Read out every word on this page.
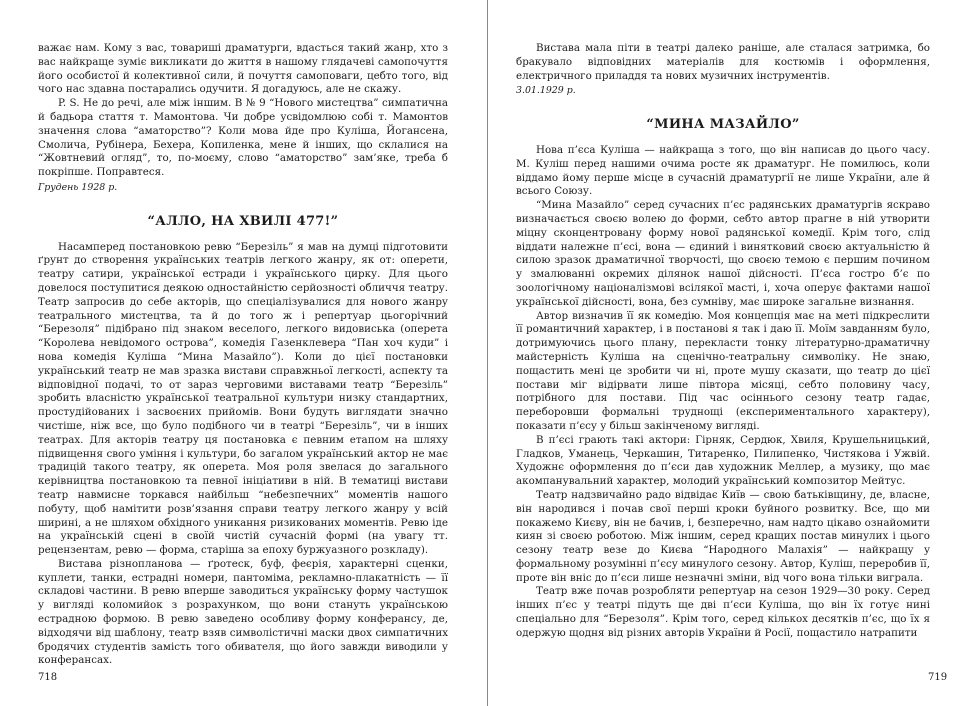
важає нам. Кому з вас, товариші драматурги, вдасться такий жанр, хто з вас найкраще зуміє викликати до життя в нашому глядачеві самопочуття його особистої й колективної сили, й почуття самоповаги, цебто того, від чого нас здавна постарались одучити. Я догадуюсь, але не скажу.

P. S. Не до речі, але між іншим. В № 9 “Нового мистецтва” симпатична й бадьора стаття т. Мамонтова. Чи добре усвідомлюю собі т. Мамонтов значення слова “аматорство”? Коли мова йде про Куліша, Йогансена, Смолича, Рубінера, Бехера, Копиленка, мене й інших, що склалися на “Жовтневий огляд”, то, по-моєму, слово “аматорство” зам’яке, треба б покріпше. Поправтеся.

Грудень 1928 р.

“АЛЛО, НА ХВИЛІ 477!”

Насамперед постановкою ревю “Березіль” я мав на думці підготовити ґрунт до створення українських театрів легкого жанру, як от: оперети, театру сатири, української естради і українського цирку. Для цього довелося поступитися деякою одностайністю серйозності обличчя театру. Театр запросив до себе акторів, що спеціалізувалися для нового жанру театрального мистецтва, та й до того ж і репертуар цьогорічний “Березоля” підібрано під знаком веселого, легкого видовиська (оперета “Королева невідомого острова”, комедія Газенклевера “Пан хоч куди” і нова комедія Куліша “Мина Мазайло”). Коли до цієї постановки український театр не мав зразка вистави справжньої легкості, аспекту та відповідної подачі, то от зараз черговими виставами театр “Березіль” зробить власністю української театральної культури низку стандартних, простудійованих і засвоєних прийомів. Вони будуть виглядати значно чистіше, ніж все, що було подібного чи в театрі “Березіль”, чи в інших театрах. Для акторів театру ця постановка є певним етапом на шляху підвищення свого уміння і культури, бо загалом український актор не має традицій такого театру, як оперета. Моя роля звелася до загального керівництва постановкою та певної ініціативи в ній. В тематиці вистави театр навмисне торкався найбільш “небезпечних” моментів нашого побуту, щоб намітити розв’язання справи театру легкого жанру у всій ширині, а не шляхом обхідного уникання ризикованих моментів. Ревю іде на українській сцені в своїй чистій сучасній формі (на увагу тт. рецензентам, ревю — форма, старіша за епоху буржуазного розкладу).

Вистава різнопланова — ґротеск, буф, феєрія, характерні сценки, куплети, танки, естрадні номери, пантоміма, рекламно-плакатність — її складові частини. В ревю вперше заводиться українську форму частушок у вигляді коломийок з розрахунком, що вони стануть українською естрадною формою. В ревю заведено особливу форму конферансу, де, відходячи від шаблону, театр взяв символістичні маски двох симпатичних бродячих студентів замість того обивателя, що його завжди виводили у конферансах.

718

Вистава мала піти в театрі далеко раніше, але сталася затримка, бо бракувало відповідних матеріалів для костюмів і оформлення, електричного приладдя та нових музичних інструментів.

3.01.1929 р.

“МИНА МАЗАЙЛО”

Нова п’єса Куліша — найкраща з того, що він написав до цього часу. М. Куліш перед нашими очима росте як драматург. Не помилюсь, коли віддамо йому перше місце в сучасній драматургії не лише України, але й всього Союзу.

“Мина Мазайло” серед сучасних п’єс радянських драматургів яскраво визначається своєю волею до форми, себто автор прагне в ній утворити міцну сконцентровану форму нової радянської комедії. Крім того, слід віддати належне п’єсі, вона — єдиний і винятковий своєю актуальністю й силою зразок драматичної творчості, що своєю темою є першим почином у змалюванні окремих ділянок нашої дійсності. П’єса гостро б’є по зоологічному націоналізмові всілякої масті, і, хоча оперує фактами нашої української дійсності, вона, без сумніву, має широке загальне визнання.

Автор визначив її як комедію. Моя концепція має на меті підкреслити її романтичний характер, і в постанові я так і даю її. Моїм завданням було, дотримуючись цього плану, перекласти тонку літературно-драматичну майстерність Куліша на сценічно-театральну символіку. Не знаю, пощастить мені це зробити чи ні, проте мушу сказати, що театр до цієї постави міг відірвати лише півтора місяці, себто половину часу, потрібного для постави. Під час осіннього сезону театр гадає, переборовши формальні труднощі (експериментального характеру), показати п’єсу у більш закінченому вигляді.

В п’єсі грають такі актори: Гірняк, Сердюк, Хвиля, Крушельницький, Гладков, Уманець, Черкашин, Титаренко, Пилипенко, Чистякова і Ужвій. Художнє оформлення до п’єси дав художник Меллер, а музику, що має акомпанувальний характер, молодий український композитор Мейтус.

Театр надзвичайно радо відвідає Київ — свою батьківщину, де, власне, він народився і почав свої перші кроки буйного розвитку. Все, що ми покажемо Києву, він не бачив, і, безперечно, нам надто цікаво ознайомити киян зі своєю роботою. Між іншим, серед кращих постав минулих і цього сезону театр везе до Києва “Народного Малахія” — найкращу у формальному розумінні п’єсу минулого сезону. Автор, Куліш, переробив її, проте він вніс до п’єси лише незначні зміни, від чого вона тільки виграла.

Театр вже почав розробляти репертуар на сезон 1929—30 року. Серед інших п’єс у театрі підуть ще дві п’єси Куліша, що він їх готує нині спеціально для “Березоля”. Крім того, серед кількох десятків п’єс, що їх я одержую щодня від різних авторів України й Росії, пощастило натрапити

719
